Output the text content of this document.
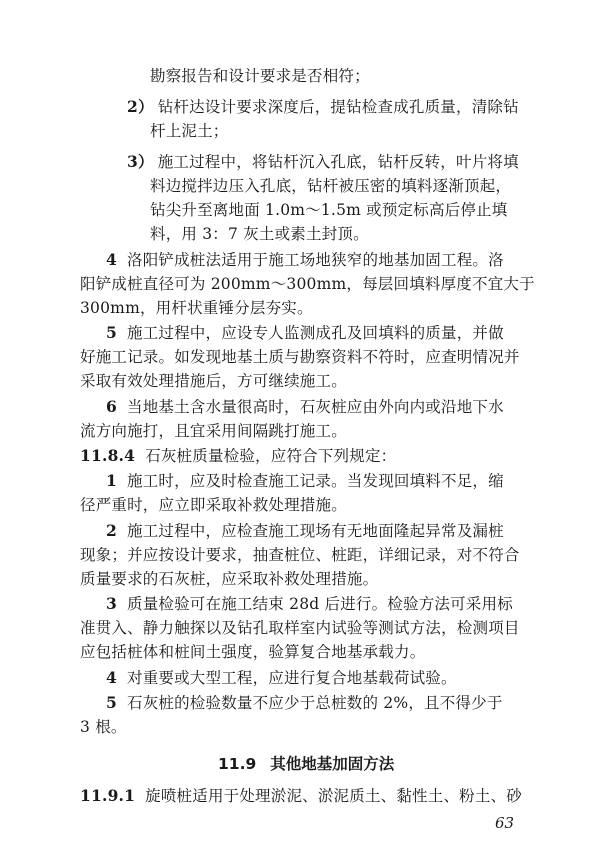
勘察报告和设计要求是否相符；
2） 钻杆达设计要求深度后，提钻检查成孔质量，清除钻
杆上泥土；
3） 施工过程中，将钻杆沉入孔底，钻杆反转，叶片将填
料边搅拌边压入孔底，钻杆被压密的填料逐渐顶起，
钻尖升至离地面 1.0m～1.5m 或预定标高后停止填
料，用 3：7 灰土或素土封顶。
4 洛阳铲成桩法适用于施工场地狭窄的地基加固工程。洛
阳铲成桩直径可为 200mm～300mm，每层回填料厚度不宜大于
300mm，用杆状重锤分层夯实。
5 施工过程中，应设专人监测成孔及回填料的质量，并做
好施工记录。如发现地基土质与勘察资料不符时，应查明情况并
采取有效处理措施后，方可继续施工。
6 当地基土含水量很高时，石灰桩应由外向内或沿地下水
流方向施打，且宜采用间隔跳打施工。
11.8.4 石灰桩质量检验，应符合下列规定：
1 施工时，应及时检查施工记录。当发现回填料不足，缩
径严重时，应立即采取补救处理措施。
2 施工过程中，应检查施工现场有无地面隆起异常及漏桩
现象；并应按设计要求，抽查桩位、桩距，详细记录，对不符合
质量要求的石灰桩，应采取补救处理措施。
3 质量检验可在施工结束 28d 后进行。检验方法可采用标
准贯入、静力触探以及钻孔取样室内试验等测试方法，检测项目
应包括桩体和桩间土强度，验算复合地基承载力。
4 对重要或大型工程，应进行复合地基载荷试验。
5 石灰桩的检验数量不应少于总桩数的 2%，且不得少于
3 根。
11.9 其他地基加固方法
11.9.1 旋喷桩适用于处理淤泥、淤泥质土、黏性土、粉土、砂
63
